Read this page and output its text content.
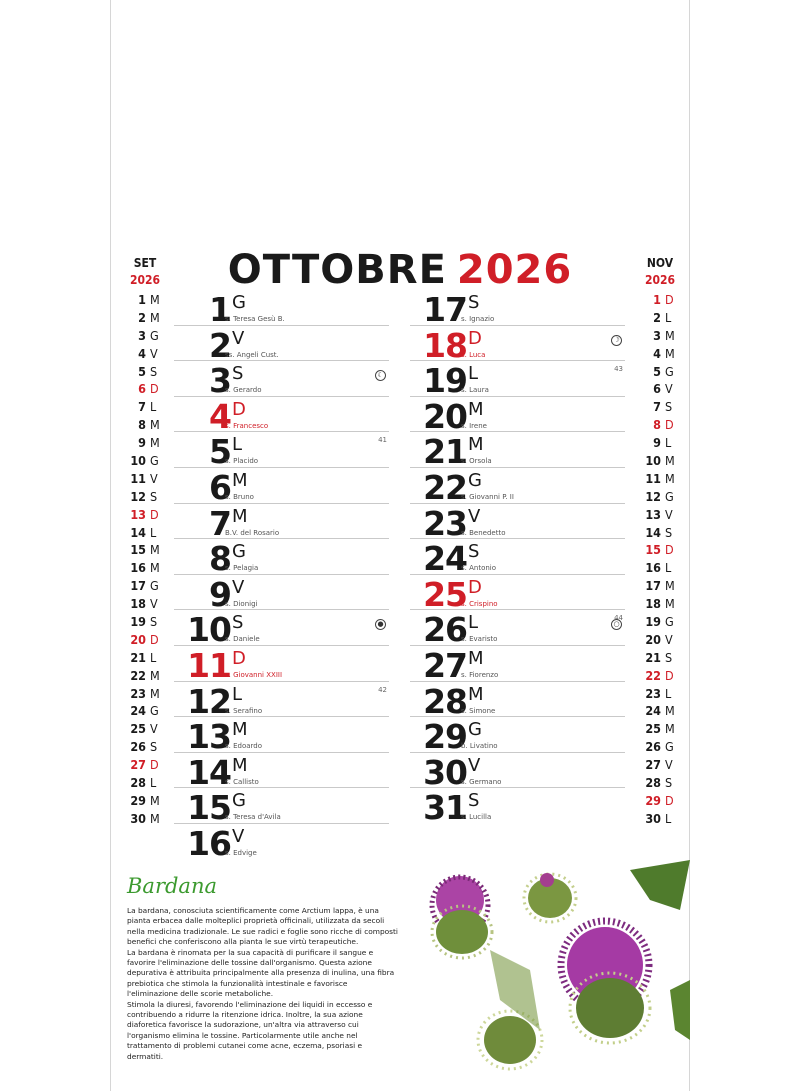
OTTOBRE 2026
SET
2026
1 M
2 M
3 G
4 V
5 S
6 D
7 L
8 M
9 M
10 G
11 V
12 S
13 D
14 L
15 M
16 M
17 G
18 V
19 S
20 D
21 L
22 M
23 M
24 G
25 V
26 S
27 D
28 L
29 M
30 M
NOV
2026
1 D
2 L
3 M
4 M
5 G
6 V
7 S
8 D
9 L
10 M
11 M
12 G
13 V
14 S
15 D
16 L
17 M
18 M
19 G
20 V
21 S
22 D
23 L
24 M
25 M
26 G
27 V
28 S
29 D
30 L
1 G
s. Teresa Gesù B.
2 V
ss. Angeli Cust.
3 S
s. Gerardo
☾
4 D
s. Francesco
5 L
s. Placido
41
6 M
s. Bruno
7 M
B.V. del Rosario
8 G
s. Pelagia
9 V
s. Dionigi
10 S
s. Daniele
●
11 D
s. Giovanni XXIII
12 L
s. Serafino
42
13 M
s. Edoardo
14 M
s. Callisto
15 G
s. Teresa d'Avila
16 V
s. Edvige
17 S
s. Ignazio
18 D
s. Luca
☽
19 L
s. Laura
43
20 M
s. Irene
21 M
s. Orsola
22 G
s. Giovanni P. II
23 V
s. Benedetto
24 S
s. Antonio
25 D
s. Crispino
26 L
s. Evaristo
44
○
27 M
s. Fiorenzo
28 M
s. Simone
29 G
b. Livatino
30 V
s. Germano
31 S
s. Lucilla
Bardana

La bardana, conosciuta scientificamente come Arctium lappa, è una pianta erbacea dalle molteplici proprietà officinali, utilizzata da secoli nella medicina tradizionale. Le sue radici e foglie sono ricche di composti benefici che conferiscono alla pianta le sue virtù terapeutiche.

La bardana è rinomata per la sua capacità di purificare il sangue e favorire l'eliminazione delle tossine dall'organismo. Questa azione depurativa è attribuita principalmente alla presenza di inulina, una fibra prebiotica che stimola la funzionalità intestinale e favorisce l'eliminazione delle scorie metaboliche.

Stimola la diuresi, favorendo l'eliminazione dei liquidi in eccesso e contribuendo a ridurre la ritenzione idrica. Inoltre, la sua azione diaforetica favorisce la sudorazione, un'altra via attraverso cui l'organismo elimina le tossine. Particolarmente utile anche nel trattamento di problemi cutanei come acne, eczema, psoriasi e dermatiti.
